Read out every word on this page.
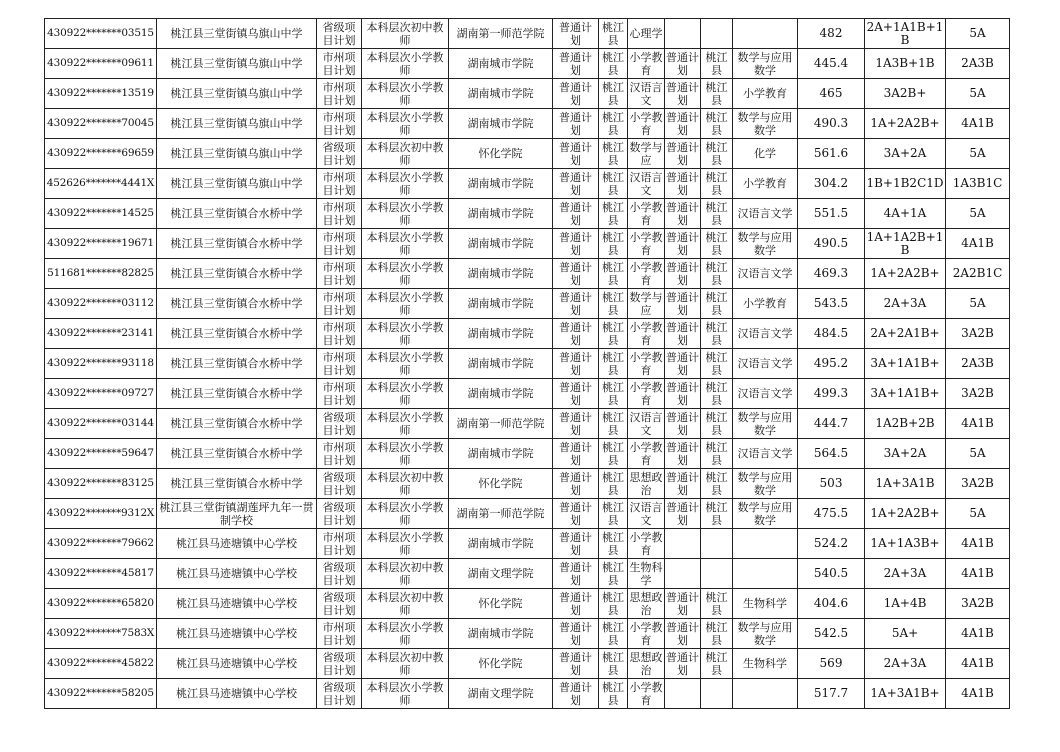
430922*******03515	桃江县三堂街镇乌旗山中学	省级项目计划	本科层次初中教师	湖南第一师范学院	普通计划	桃江县	心理学				482	2A+1A1B+1B	5A
430922*******09611	桃江县三堂街镇乌旗山中学	市州项目计划	本科层次小学教师	湖南城市学院	普通计划	桃江县	小学教育	普通计划	桃江县	数学与应用数学	445.4	1A3B+1B	2A3B
430922*******13519	桃江县三堂街镇乌旗山中学	市州项目计划	本科层次小学教师	湖南城市学院	普通计划	桃江县	汉语言文	普通计划	桃江县	小学教育	465	3A2B+	5A
430922*******70045	桃江县三堂街镇乌旗山中学	市州项目计划	本科层次小学教师	湖南城市学院	普通计划	桃江县	小学教育	普通计划	桃江县	数学与应用数学	490.3	1A+2A2B+	4A1B
430922*******69659	桃江县三堂街镇乌旗山中学	省级项目计划	本科层次初中教师	怀化学院	普通计划	桃江县	数学与应	普通计划	桃江县	化学	561.6	3A+2A	5A
452626*******4441X	桃江县三堂街镇乌旗山中学	市州项目计划	本科层次小学教师	湖南城市学院	普通计划	桃江县	汉语言文	普通计划	桃江县	小学教育	304.2	1B+1B2C1D	1A3B1C
430922*******14525	桃江县三堂街镇合水桥中学	市州项目计划	本科层次小学教师	湖南城市学院	普通计划	桃江县	小学教育	普通计划	桃江县	汉语言文学	551.5	4A+1A	5A
430922*******19671	桃江县三堂街镇合水桥中学	市州项目计划	本科层次小学教师	湖南城市学院	普通计划	桃江县	小学教育	普通计划	桃江县	数学与应用数学	490.5	1A+1A2B+1B	4A1B
511681*******82825	桃江县三堂街镇合水桥中学	市州项目计划	本科层次小学教师	湖南城市学院	普通计划	桃江县	小学教育	普通计划	桃江县	汉语言文学	469.3	1A+2A2B+	2A2B1C
430922*******03112	桃江县三堂街镇合水桥中学	市州项目计划	本科层次小学教师	湖南城市学院	普通计划	桃江县	数学与应	普通计划	桃江县	小学教育	543.5	2A+3A	5A
430922*******23141	桃江县三堂街镇合水桥中学	市州项目计划	本科层次小学教师	湖南城市学院	普通计划	桃江县	小学教育	普通计划	桃江县	汉语言文学	484.5	2A+2A1B+	3A2B
430922*******93118	桃江县三堂街镇合水桥中学	市州项目计划	本科层次小学教师	湖南城市学院	普通计划	桃江县	小学教育	普通计划	桃江县	汉语言文学	495.2	3A+1A1B+	2A3B
430922*******09727	桃江县三堂街镇合水桥中学	市州项目计划	本科层次小学教师	湖南城市学院	普通计划	桃江县	小学教育	普通计划	桃江县	汉语言文学	499.3	3A+1A1B+	3A2B
430922*******03144	桃江县三堂街镇合水桥中学	省级项目计划	本科层次小学教师	湖南第一师范学院	普通计划	桃江县	汉语言文	普通计划	桃江县	数学与应用数学	444.7	1A2B+2B	4A1B
430922*******59647	桃江县三堂街镇合水桥中学	市州项目计划	本科层次小学教师	湖南城市学院	普通计划	桃江县	小学教育	普通计划	桃江县	汉语言文学	564.5	3A+2A	5A
430922*******83125	桃江县三堂街镇合水桥中学	省级项目计划	本科层次初中教师	怀化学院	普通计划	桃江县	思想政治	普通计划	桃江县	数学与应用数学	503	1A+3A1B	3A2B
430922*******9312X	桃江县三堂街镇湖莲坪九年一贯制学校	省级项目计划	本科层次小学教师	湖南第一师范学院	普通计划	桃江县	汉语言文	普通计划	桃江县	数学与应用数学	475.5	1A+2A2B+	5A
430922*******79662	桃江县马迹塘镇中心学校	市州项目计划	本科层次小学教师	湖南城市学院	普通计划	桃江县	小学教育				524.2	1A+1A3B+	4A1B
430922*******45817	桃江县马迹塘镇中心学校	省级项目计划	本科层次初中教师	湖南文理学院	普通计划	桃江县	生物科学				540.5	2A+3A	4A1B
430922*******65820	桃江县马迹塘镇中心学校	省级项目计划	本科层次初中教师	怀化学院	普通计划	桃江县	思想政治	普通计划	桃江县	生物科学	404.6	1A+4B	3A2B
430922*******7583X	桃江县马迹塘镇中心学校	市州项目计划	本科层次小学教师	湖南城市学院	普通计划	桃江县	小学教育	普通计划	桃江县	数学与应用数学	542.5	5A+	4A1B
430922*******45822	桃江县马迹塘镇中心学校	省级项目计划	本科层次初中教师	怀化学院	普通计划	桃江县	思想政治	普通计划	桃江县	生物科学	569	2A+3A	4A1B
430922*******58205	桃江县马迹塘镇中心学校	省级项目计划	本科层次小学教师	湖南文理学院	普通计划	桃江县	小学教育				517.7	1A+3A1B+	4A1B
